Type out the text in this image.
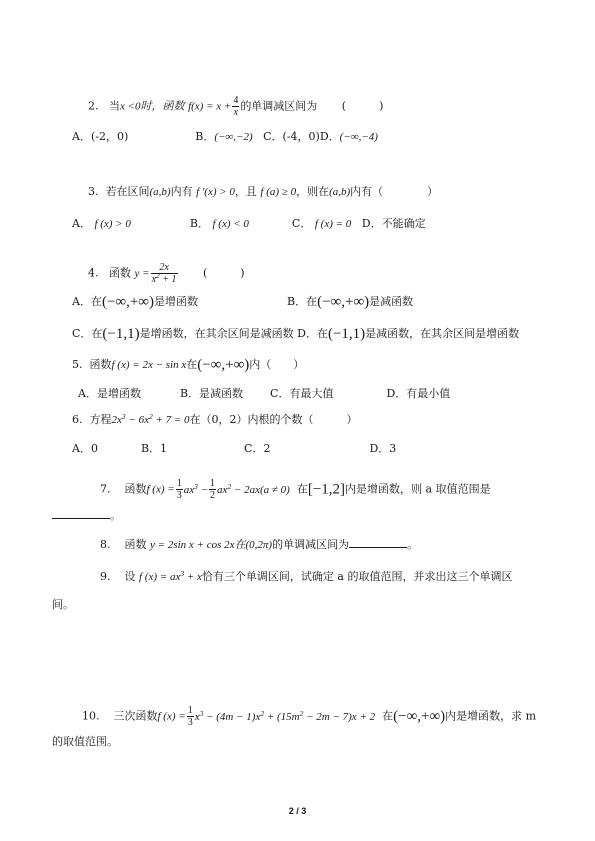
2. 当x <0时，函数 $f(x) = x + \frac{4}{x}$ 的单调减区间为 (　　　)
A．(-2，0)	B．(−∞,−2) C．(-4，0)D．(−∞,−4)
3. 若在区间(a,b)内有 f ′(x) > 0，且 f (a) ≥ 0，则在(a,b)内有（　　　　）
A． f (x) > 0	B． f (x) < 0	C． f (x) = 0 D．不能确定
4. 函数 $y = \frac{2x}{x^2 + 1}$ (　　　)
A．在(−∞,+∞)是增函数	B．在(−∞,+∞)是减函数
C．在(−1,1)是增函数，在其余区间是减函数 D．在(−1,1)是减函数，在其余区间是增函数
5. 函数f (x) = 2x − sin x在(−∞,+∞)内（　　）
A．是增函数	B．是减函数 C．有最大值	D．有最小值
6. 方程$2x^3 - 6x^2 + 7 = 0$在（0，2）内根的个数（　　　）
A．0	B．1	C．2	D．3
7. 函数f $(x) = \frac{1}{3} ax^3 - \frac{1}{2} ax^2 - 2ax(a \ne 0)$ 在[−1,2]内是增函数，则 a 取值范围是
。
8. 函数 y = 2sin x + cos 2x在(0,2π)的单调减区间为	。
9. 设 f $(x) = ax^3 + x$恰有三个单调区间，试确定 a 的取值范围，并求出这三个单调区
间。
10. 三次函数f $(x) = \frac{1}{3} x^3 - (4m - 1)x^2 + (15m^2 - 2m - 7)x + 2$ 在(−∞,+∞)内是增函数，求 m
的取值范围。
2 / 3
